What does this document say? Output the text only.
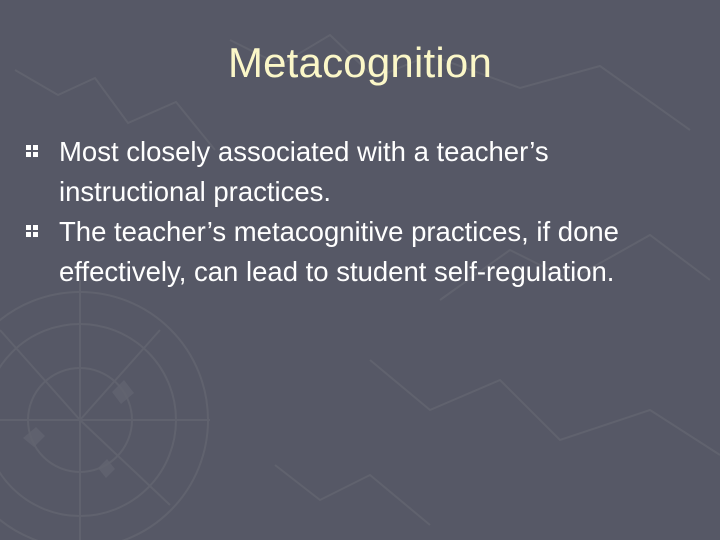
Metacognition
Most closely associated with a teacher’s instructional practices.
The teacher’s metacognitive practices, if done effectively, can lead to student self-regulation.
